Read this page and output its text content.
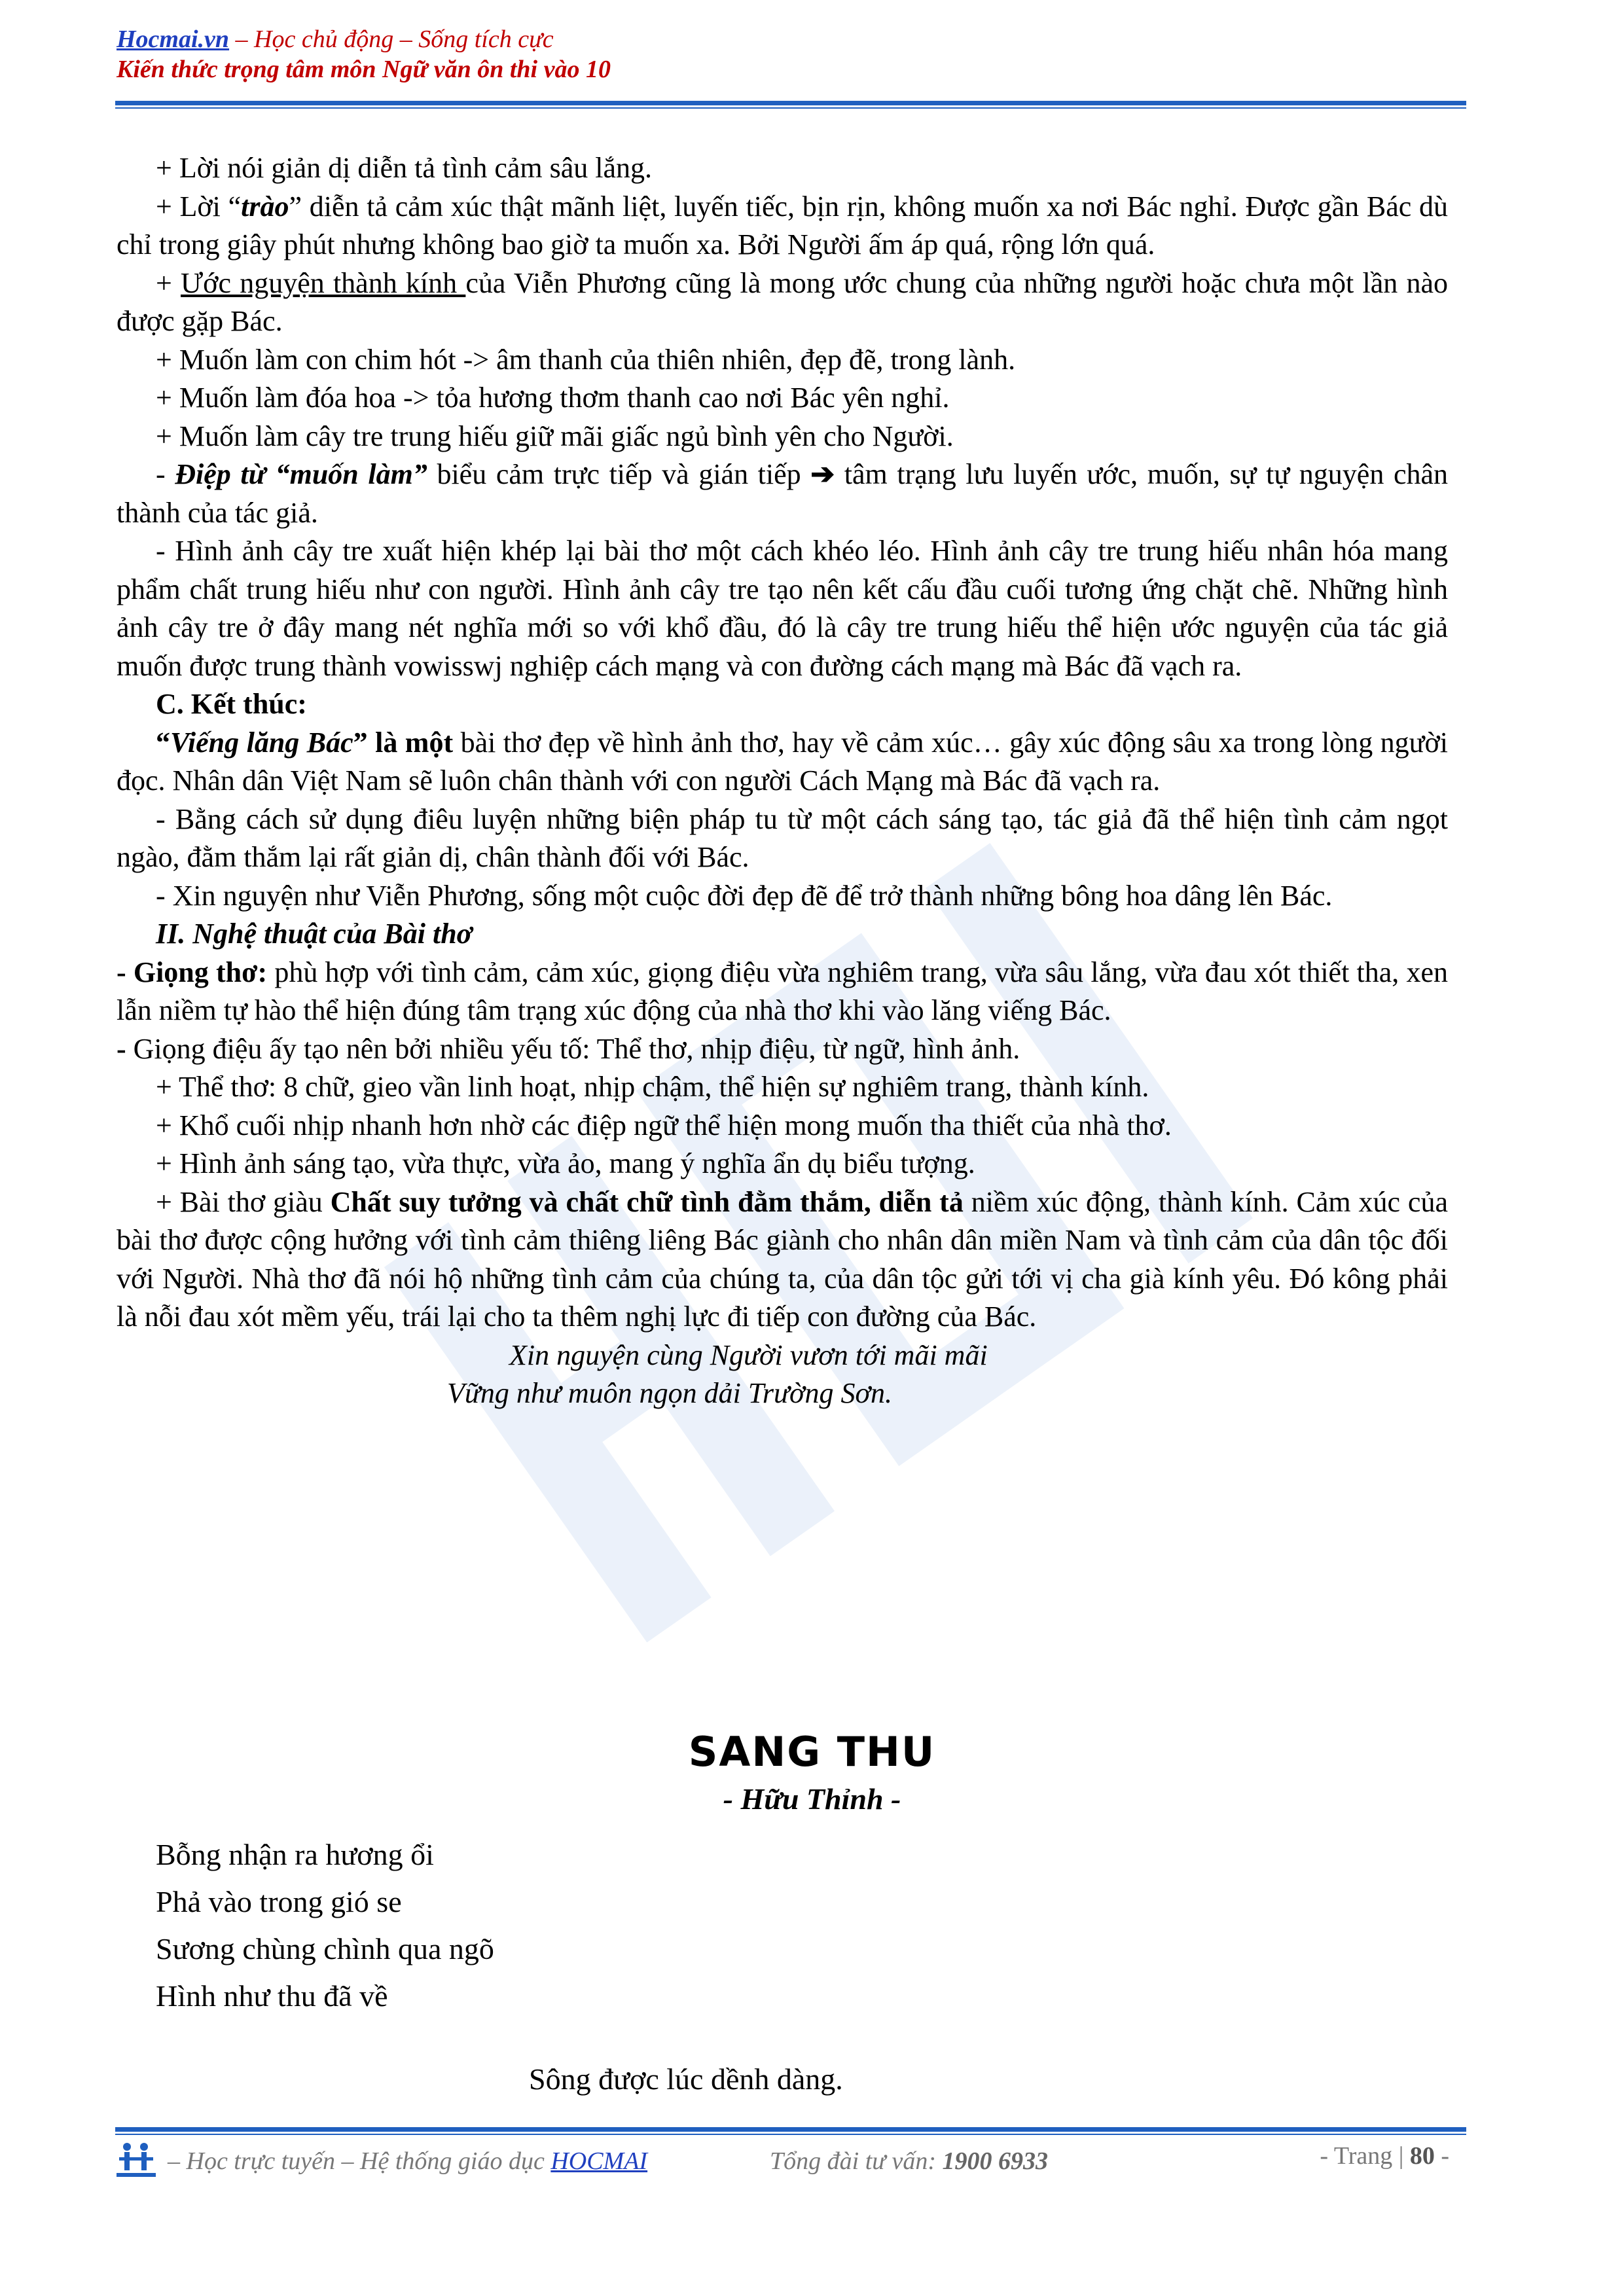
Hocmai.vn – Học chủ động – Sống tích cực
Kiến thức trọng tâm môn Ngữ văn ôn thi vào 10

+ Lời nói giản dị diễn tả tình cảm sâu lắng.

+ Lời “trào” diễn tả cảm xúc thật mãnh liệt, luyến tiếc, bịn rịn, không muốn xa nơi Bác nghỉ. Được gần Bác dù chỉ trong giây phút nhưng không bao giờ ta muốn xa. Bởi Người ấm áp quá, rộng lớn quá.

+ Ước nguyện thành kính của Viễn Phương cũng là mong ước chung của những người hoặc chưa một lần nào được gặp Bác.

+ Muốn làm con chim hót -> âm thanh của thiên nhiên, đẹp đẽ, trong lành.

+ Muốn làm đóa hoa -> tỏa hương thơm thanh cao nơi Bác yên nghỉ.

+ Muốn làm cây tre trung hiếu giữ mãi giấc ngủ bình yên cho Người.

- Điệp từ “muốn làm” biểu cảm trực tiếp và gián tiếp ➔ tâm trạng lưu luyến ước, muốn, sự tự nguyện chân thành của tác giả.

- Hình ảnh cây tre xuất hiện khép lại bài thơ một cách khéo léo. Hình ảnh cây tre trung hiếu nhân hóa mang phẩm chất trung hiếu như con người. Hình ảnh cây tre tạo nên kết cấu đầu cuối tương ứng chặt chẽ. Những hình ảnh cây tre ở đây mang nét nghĩa mới so với khổ đầu, đó là cây tre trung hiếu thể hiện ước nguyện của tác giả muốn được trung thành vowisswj nghiệp cách mạng và con đường cách mạng mà Bác đã vạch ra.

C. Kết thúc:

“Viếng lăng Bác” là một bài thơ đẹp về hình ảnh thơ, hay về cảm xúc… gây xúc động sâu xa trong lòng người đọc. Nhân dân Việt Nam sẽ luôn chân thành với con người Cách Mạng mà Bác đã vạch ra.

- Bằng cách sử dụng điêu luyện những biện pháp tu từ một cách sáng tạo, tác giả đã thể hiện tình cảm ngọt ngào, đằm thắm lại rất giản dị, chân thành đối với Bác.

- Xin nguyện như Viễn Phương, sống một cuộc đời đẹp đẽ để trở thành những bông hoa dâng lên Bác.

II. Nghệ thuật của Bài thơ

- Giọng thơ: phù hợp với tình cảm, cảm xúc, giọng điệu vừa nghiêm trang, vừa sâu lắng, vừa đau xót thiết tha, xen lẫn niềm tự hào thể hiện đúng tâm trạng xúc động của nhà thơ khi vào lăng viếng Bác.

- Giọng điệu ấy tạo nên bởi nhiều yếu tố: Thể thơ, nhịp điệu, từ ngữ, hình ảnh.

+ Thể thơ: 8 chữ, gieo vần linh hoạt, nhịp chậm, thể hiện sự nghiêm trang, thành kính.

+ Khổ cuối nhịp nhanh hơn nhờ các điệp ngữ thể hiện mong muốn tha thiết của nhà thơ.

+ Hình ảnh sáng tạo, vừa thực, vừa ảo, mang ý nghĩa ẩn dụ biểu tượng.

+ Bài thơ giàu Chất suy tưởng và chất chữ tình đằm thắm, diễn tả niềm xúc động, thành kính. Cảm xúc của bài thơ được cộng hưởng với tình cảm thiêng liêng Bác giành cho nhân dân miền Nam và tình cảm của dân tộc đối với Người. Nhà thơ đã nói hộ những tình cảm của chúng ta, của dân tộc gửi tới vị cha già kính yêu. Đó kông phải là nỗi đau xót mềm yếu, trái lại cho ta thêm nghị lực đi tiếp con đường của Bác.

Xin nguyện cùng Người vươn tới mãi mãi

Vững như muôn ngọn dải Trường Sơn.

SANG THU
- Hữu Thỉnh -
Bỗng nhận ra hương ổi
Phả vào trong gió se
Sương chùng chình qua ngõ
Hình như thu đã về
Sông được lúc dềnh dàng.
– Học trực tuyến – Hệ thống giáo dục HOCMAI	Tổng đài tư vấn: 1900 6933	- Trang | 80 -
